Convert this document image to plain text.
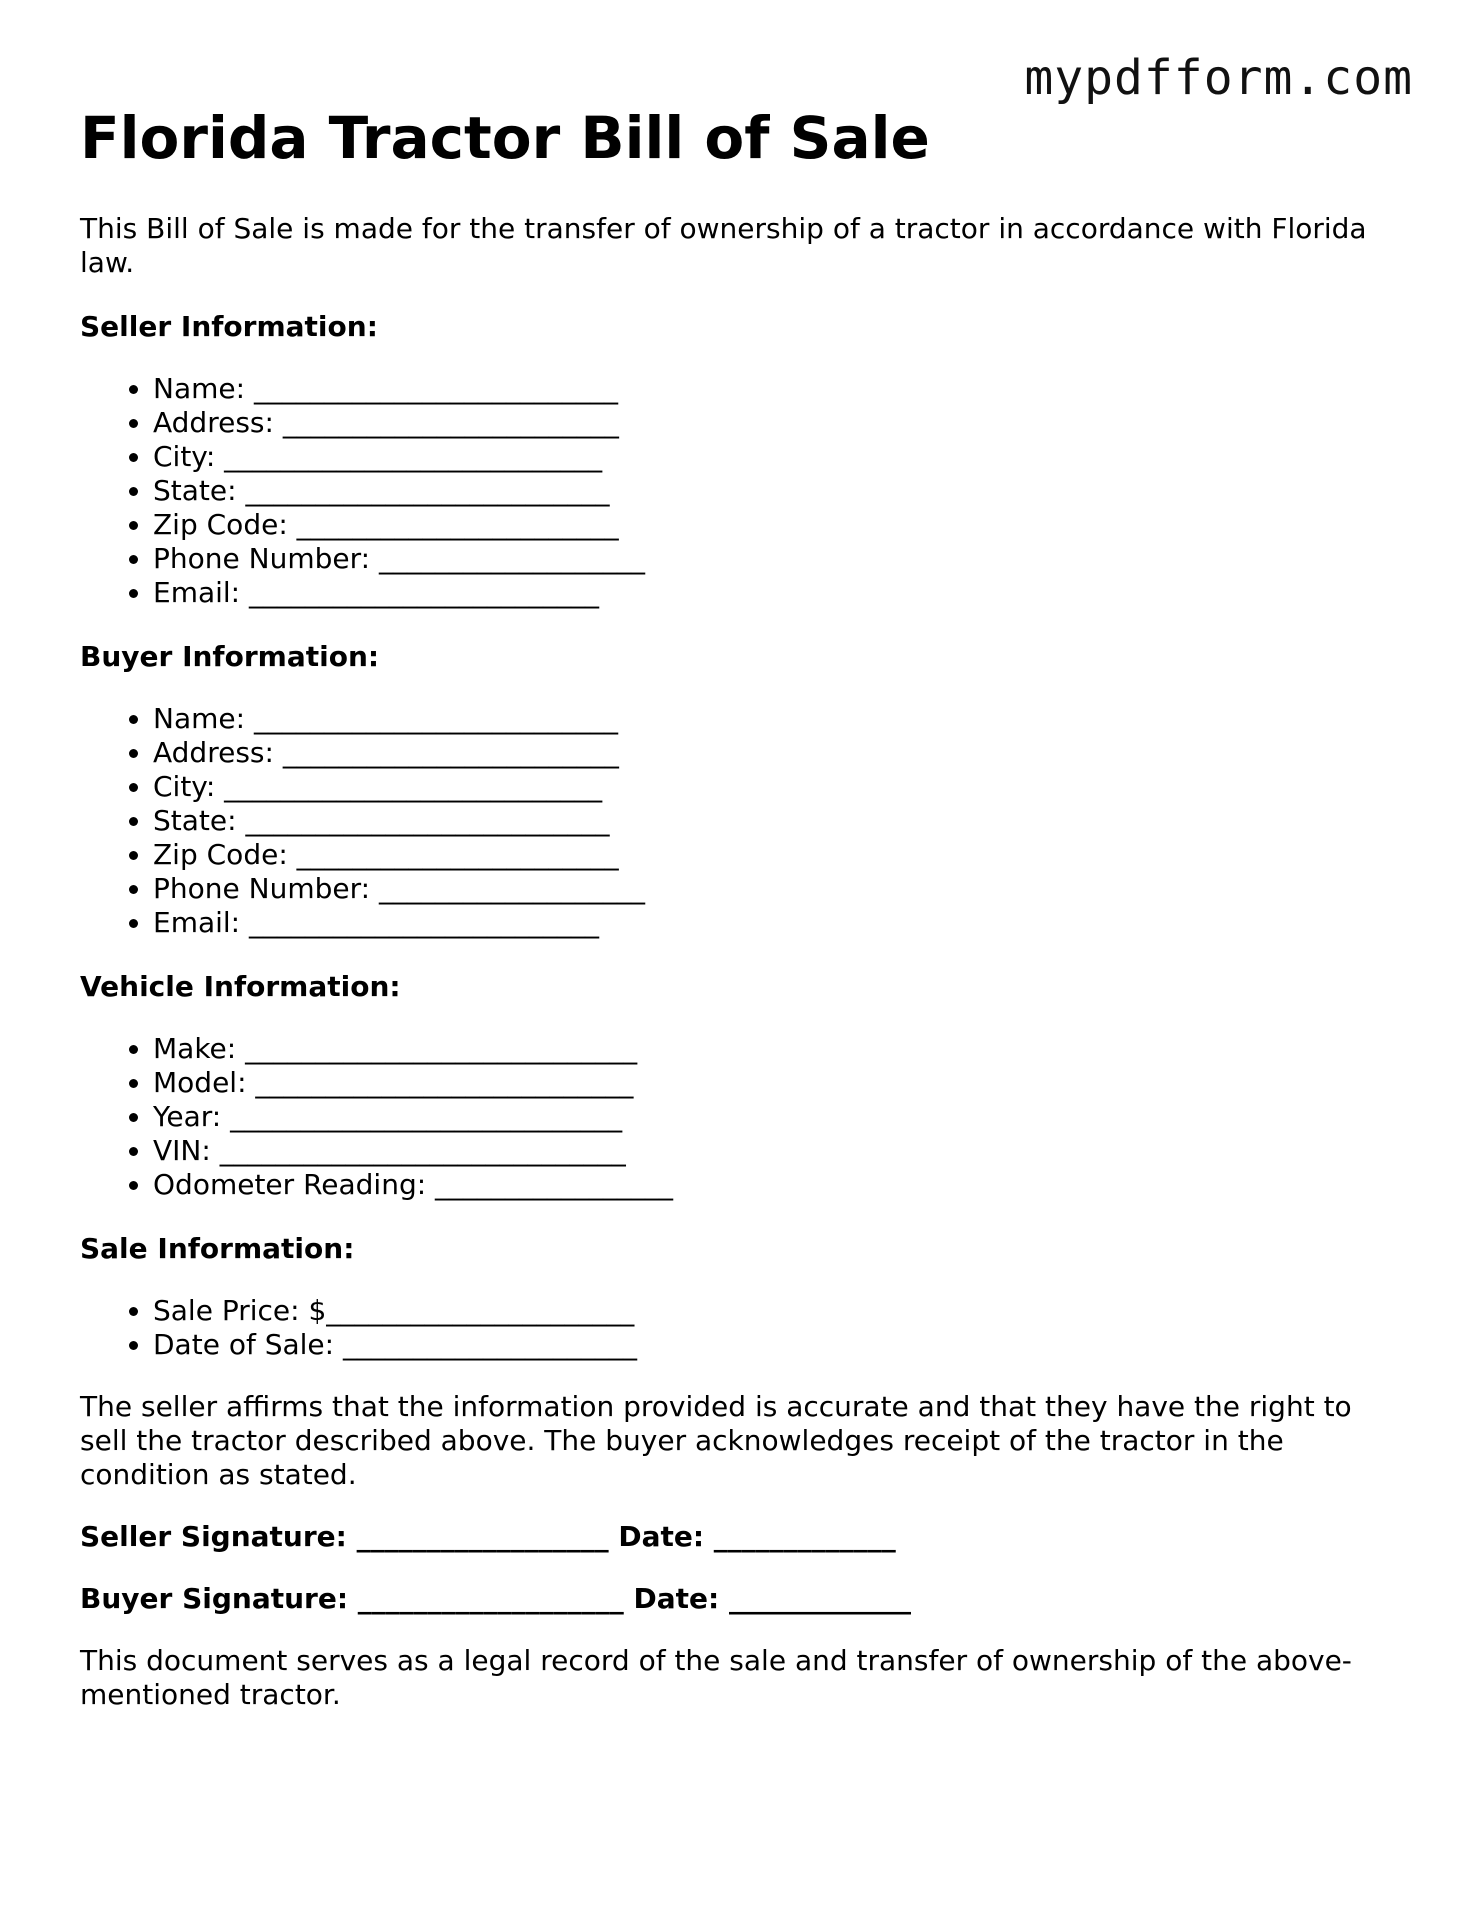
mypdfform.com
Florida Tractor Bill of Sale

This Bill of Sale is made for the transfer of ownership of a tractor in accordance with Florida law.

Seller Information:
• Name: __________________________
• Address: ________________________
• City: ___________________________
• State: __________________________
• Zip Code: _______________________
• Phone Number: ___________________
• Email: _________________________
Buyer Information:
• Name: __________________________
• Address: ________________________
• City: ___________________________
• State: __________________________
• Zip Code: _______________________
• Phone Number: ___________________
• Email: _________________________
Vehicle Information:
• Make: ____________________________
• Model: ___________________________
• Year: ____________________________
• VIN: _____________________________
• Odometer Reading: _________________
Sale Information:
• Sale Price: $______________________
• Date of Sale: _____________________

The seller affirms that the information provided is accurate and that they have the right to sell the tractor described above. The buyer acknowledges receipt of the tractor in the condition as stated.

Seller Signature: __________________ Date: _____________
Buyer Signature: ___________________ Date: _____________

This document serves as a legal record of the sale and transfer of ownership of the above-mentioned tractor.
